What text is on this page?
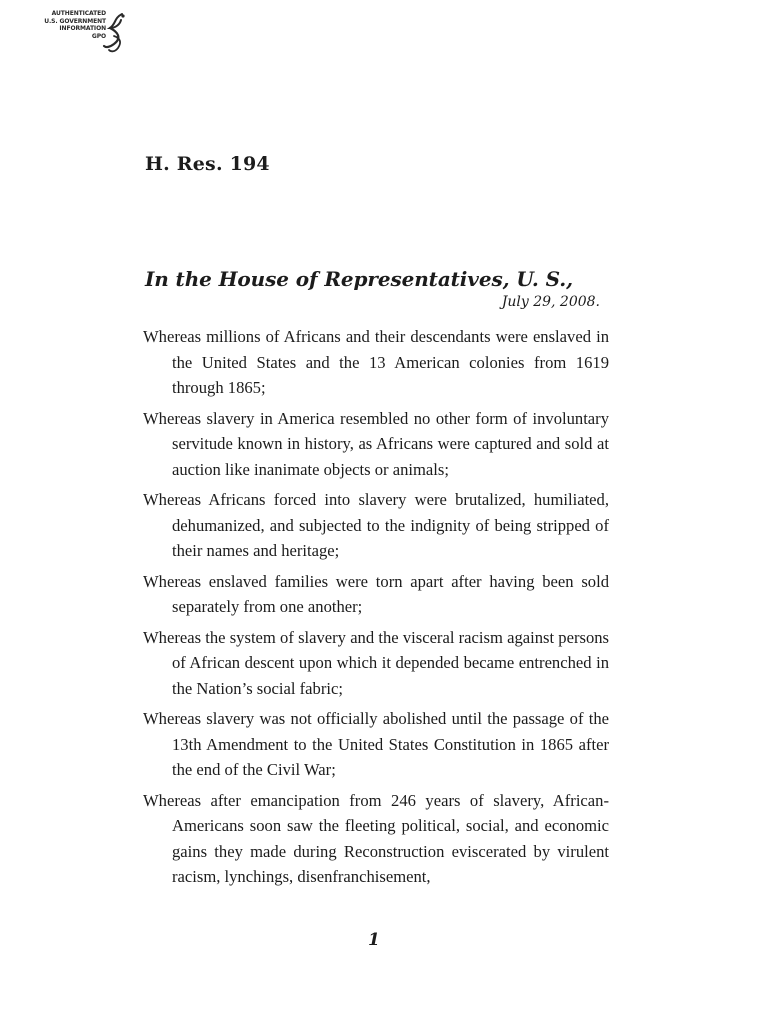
AUTHENTICATED
U.S. GOVERNMENT
INFORMATION
GPO
H. Res. 194
In the House of Representatives, U. S.,
July 29, 2008.
Whereas millions of Africans and their descendants were enslaved in the United States and the 13 American colonies from 1619 through 1865;
Whereas slavery in America resembled no other form of involuntary servitude known in history, as Africans were captured and sold at auction like inanimate objects or animals;
Whereas Africans forced into slavery were brutalized, humiliated, dehumanized, and subjected to the indignity of being stripped of their names and heritage;
Whereas enslaved families were torn apart after having been sold separately from one another;
Whereas the system of slavery and the visceral racism against persons of African descent upon which it depended became entrenched in the Nation’s social fabric;
Whereas slavery was not officially abolished until the passage of the 13th Amendment to the United States Constitution in 1865 after the end of the Civil War;
Whereas after emancipation from 246 years of slavery, African-Americans soon saw the fleeting political, social, and economic gains they made during Reconstruction eviscerated by virulent racism, lynchings, disenfranchisement,
1
